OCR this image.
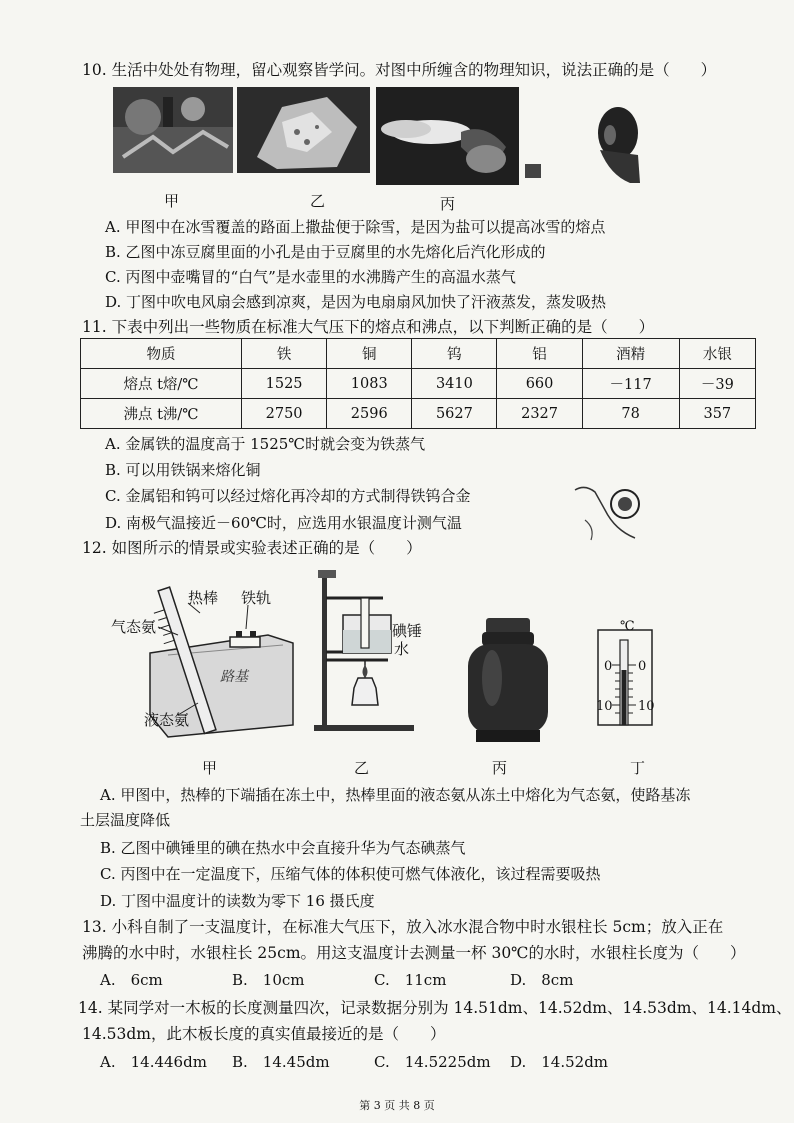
10. 生活中处处有物理，留心观察皆学问。对图中所缠含的物理知识，说法正确的是（　　）
甲	乙	丙
A. 甲图中在冰雪覆盖的路面上撒盐便于除雪，是因为盐可以提高冰雪的熔点
B. 乙图中冻豆腐里面的小孔是由于豆腐里的水先熔化后汽化形成的
C. 丙图中壶嘴冒的“白气”是水壶里的水沸腾产生的高温水蒸气
D. 丁图中吹电风扇会感到凉爽，是因为电扇扇风加快了汗液蒸发，蒸发吸热
11. 下表中列出一些物质在标准大气压下的熔点和沸点，以下判断正确的是（　　）
物质	铁	铜	钨	铝	酒精	水银
熔点 t熔/℃	1525	1083	3410	660	－117	－39
沸点 t沸/℃	2750	2596	5627	2327	78	357
A. 金属铁的温度高于 1525℃时就会变为铁蒸气
B. 可以用铁锅来熔化铜
C. 金属铝和钨可以经过熔化再冷却的方式制得铁钨合金
D. 南极气温接近－60℃时，应选用水银温度计测气温
12. 如图所示的情景或实验表述正确的是（　　）
气态氨
热棒 铁轨
路基
液态氨
碘锤
水
℃
0 0
10 10
甲	乙	丙	丁
A. 甲图中，热棒的下端插在冻土中，热棒里面的液态氨从冻土中熔化为气态氨，使路基冻
土层温度降低
B. 乙图中碘锤里的碘在热水中会直接升华为气态碘蒸气
C. 丙图中在一定温度下，压缩气体的体积使可燃气体液化，该过程需要吸热
D. 丁图中温度计的读数为零下 16 摄氏度
13. 小科自制了一支温度计，在标准大气压下，放入冰水混合物中时水银柱长 5cm；放入正在
沸腾的水中时，水银柱长 25cm。用这支温度计去测量一杯 30℃的水时，水银柱长度为（　　）
A.　6cm	B.　10cm	C.　11cm	D.　8cm
14. 某同学对一木板的长度测量四次，记录数据分别为 14.51dm、14.52dm、14.53dm、14.14dm、
14.53dm，此木板长度的真实值最接近的是（　　）
A.　14.446dm B.　14.45dm	C.　14.5225dm D.　14.52dm
第 3 页 共 8 页
